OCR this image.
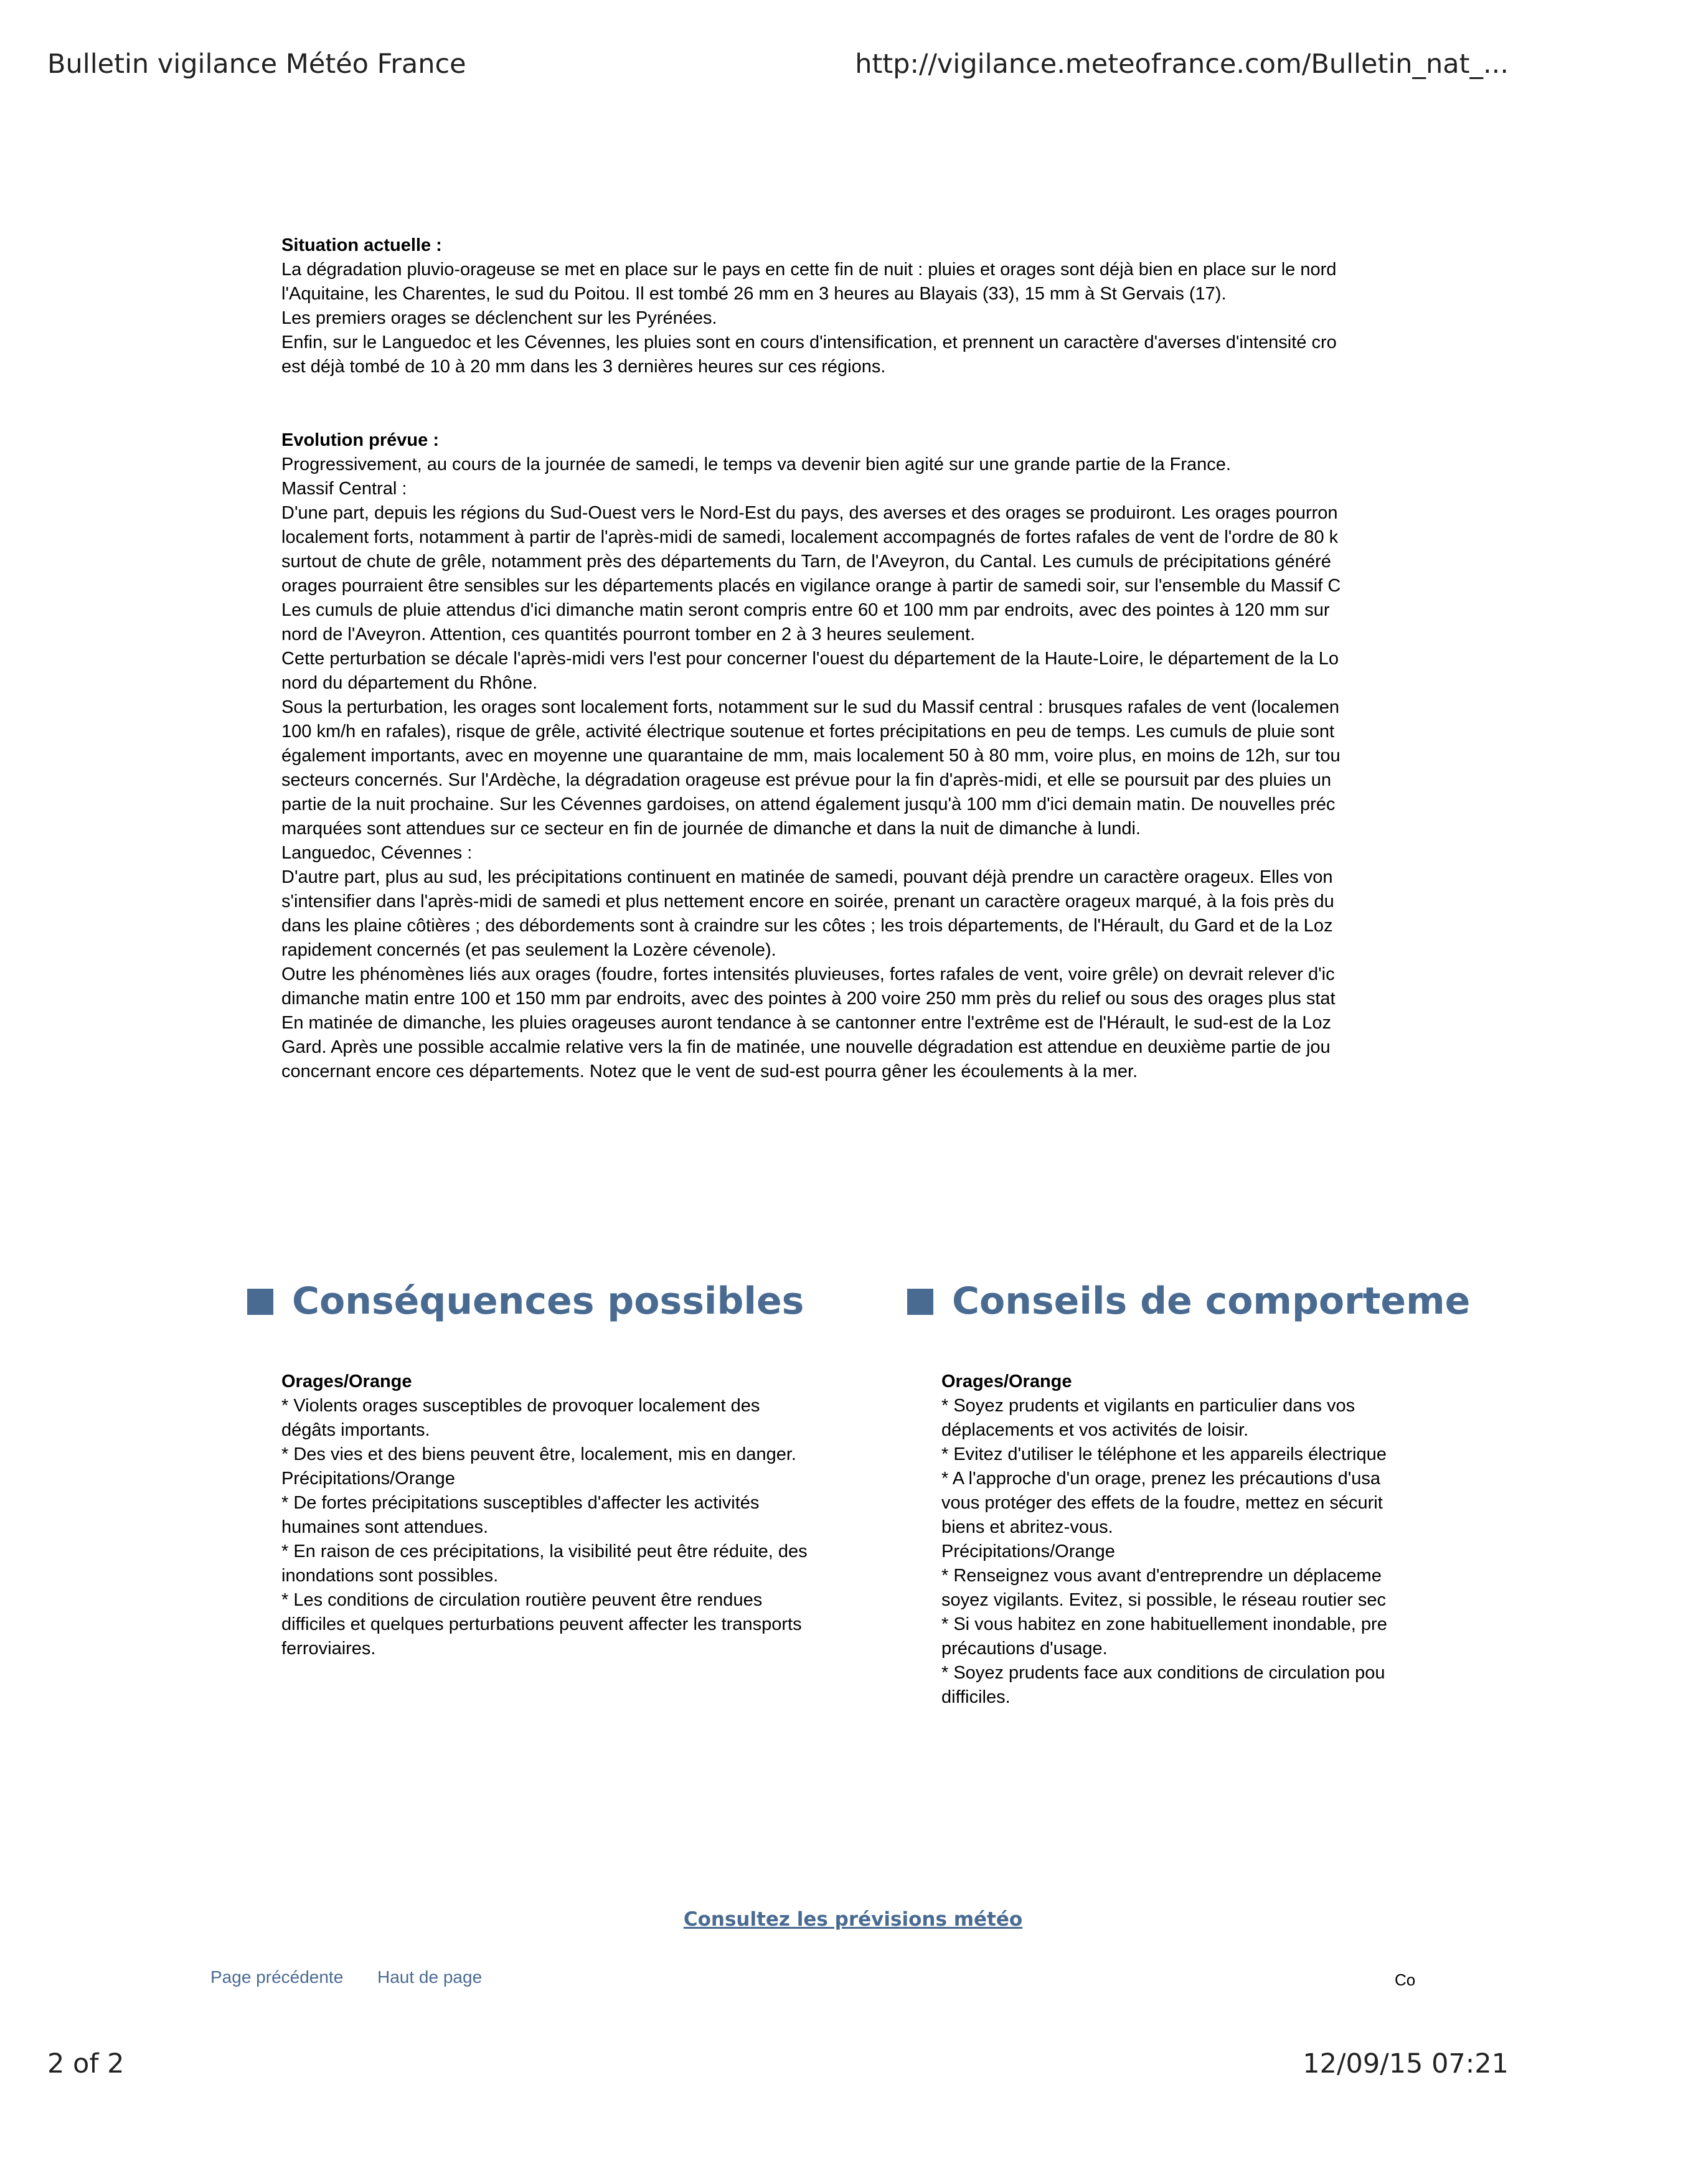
Bulletin vigilance Météo France	http://vigilance.meteofrance.com/Bulletin_nat_...
Situation actuelle :
La dégradation pluvio-orageuse se met en place sur le pays en cette fin de nuit : pluies et orages sont déjà bien en place sur le nord
l'Aquitaine, les Charentes, le sud du Poitou. Il est tombé 26 mm en 3 heures au Blayais (33), 15 mm à St Gervais (17).
Les premiers orages se déclenchent sur les Pyrénées.
Enfin, sur le Languedoc et les Cévennes, les pluies sont en cours d'intensification, et prennent un caractère d'averses d'intensité cro
est déjà tombé de 10 à 20 mm dans les 3 dernières heures sur ces régions.
Evolution prévue :
Progressivement, au cours de la journée de samedi, le temps va devenir bien agité sur une grande partie de la France.
Massif Central :
D'une part, depuis les régions du Sud-Ouest vers le Nord-Est du pays, des averses et des orages se produiront. Les orages pourron
localement forts, notamment à partir de l'après-midi de samedi, localement accompagnés de fortes rafales de vent de l'ordre de 80 k
surtout de chute de grêle, notamment près des départements du Tarn, de l'Aveyron, du Cantal. Les cumuls de précipitations généré
orages pourraient être sensibles sur les départements placés en vigilance orange à partir de samedi soir, sur l'ensemble du Massif C
Les cumuls de pluie attendus d'ici dimanche matin seront compris entre 60 et 100 mm par endroits, avec des pointes à 120 mm sur
nord de l'Aveyron. Attention, ces quantités pourront tomber en 2 à 3 heures seulement.
Cette perturbation se décale l'après-midi vers l'est pour concerner l'ouest du département de la Haute-Loire, le département de la Lo
nord du département du Rhône.
Sous la perturbation, les orages sont localement forts, notamment sur le sud du Massif central : brusques rafales de vent (localemen
100 km/h en rafales), risque de grêle, activité électrique soutenue et fortes précipitations en peu de temps. Les cumuls de pluie sont
également importants, avec en moyenne une quarantaine de mm, mais localement 50 à 80 mm, voire plus, en moins de 12h, sur tou
secteurs concernés. Sur l'Ardèche, la dégradation orageuse est prévue pour la fin d'après-midi, et elle se poursuit par des pluies un
partie de la nuit prochaine. Sur les Cévennes gardoises, on attend également jusqu'à 100 mm d'ici demain matin. De nouvelles préc
marquées sont attendues sur ce secteur en fin de journée de dimanche et dans la nuit de dimanche à lundi.
Languedoc, Cévennes :
D'autre part, plus au sud, les précipitations continuent en matinée de samedi, pouvant déjà prendre un caractère orageux. Elles von
s'intensifier dans l'après-midi de samedi et plus nettement encore en soirée, prenant un caractère orageux marqué, à la fois près du
dans les plaine côtières ; des débordements sont à craindre sur les côtes ; les trois départements, de l'Hérault, du Gard et de la Loz
rapidement concernés (et pas seulement la Lozère cévenole).
Outre les phénomènes liés aux orages (foudre, fortes intensités pluvieuses, fortes rafales de vent, voire grêle) on devrait relever d'ic
dimanche matin entre 100 et 150 mm par endroits, avec des pointes à 200 voire 250 mm près du relief ou sous des orages plus stat
En matinée de dimanche, les pluies orageuses auront tendance à se cantonner entre l'extrême est de l'Hérault, le sud-est de la Loz
Gard. Après une possible accalmie relative vers la fin de matinée, une nouvelle dégradation est attendue en deuxième partie de jou
concernant encore ces départements. Notez que le vent de sud-est pourra gêner les écoulements à la mer.
Conséquences possibles	Conseils de comporteme
Orages/Orange
* Violents orages susceptibles de provoquer localement des
dégâts importants.
* Des vies et des biens peuvent être, localement, mis en danger.
Précipitations/Orange
* De fortes précipitations susceptibles d'affecter les activités
humaines sont attendues.
* En raison de ces précipitations, la visibilité peut être réduite, des
inondations sont possibles.
* Les conditions de circulation routière peuvent être rendues
difficiles et quelques perturbations peuvent affecter les transports
ferroviaires.
Orages/Orange
* Soyez prudents et vigilants en particulier dans vos
déplacements et vos activités de loisir.
* Evitez d'utiliser le téléphone et les appareils électrique
* A l'approche d'un orage, prenez les précautions d'usa
vous protéger des effets de la foudre, mettez en sécurit
biens et abritez-vous.
Précipitations/Orange
* Renseignez vous avant d'entreprendre un déplaceme
soyez vigilants. Evitez, si possible, le réseau routier sec
* Si vous habitez en zone habituellement inondable, pre
précautions d'usage.
* Soyez prudents face aux conditions de circulation pou
difficiles.
Consultez les prévisions météo
Page précédente Haut de page	Co
2 of 2	12/09/15 07:21
